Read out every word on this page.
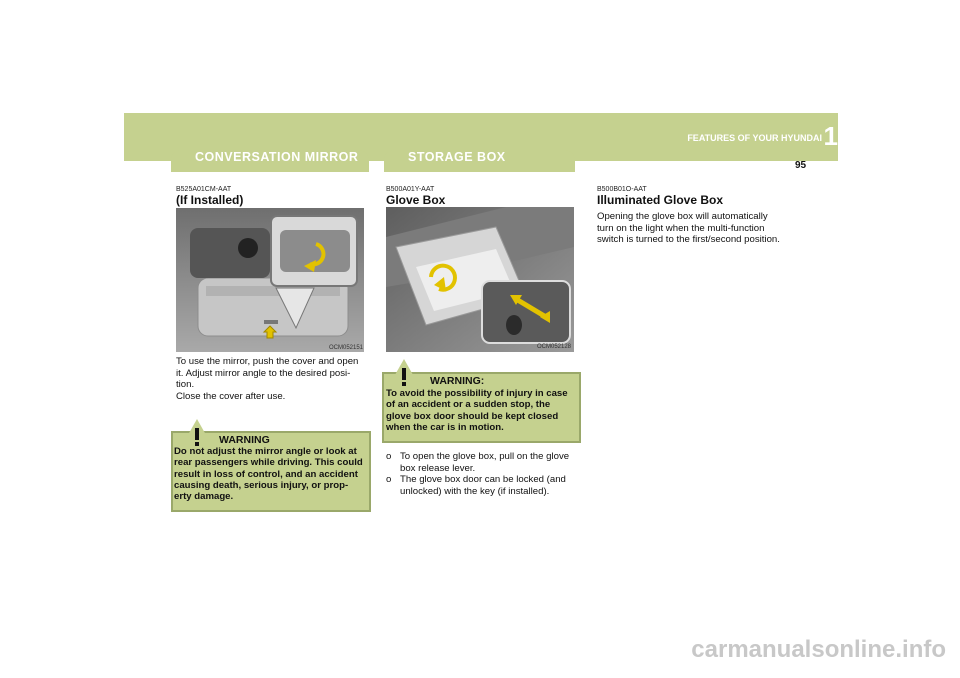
1
FEATURES OF YOUR HYUNDAI
95
CONVERSATION MIRROR	STORAGE BOX
B525A01CM-AAT
(If Installed)
OCM052151
To use the mirror, push the cover and open
it. Adjust mirror angle to the desired posi-
tion.
Close the cover after use.
WARNING
Do not adjust the mirror angle or look at
rear passengers while driving. This could
result in loss of control, and an accident
causing death, serious injury, or prop-
erty damage.
B500A01Y-AAT
Glove Box
OCM052128
WARNING:
To avoid the possibility of injury in case
of an accident or a sudden stop, the
glove box door should be kept closed
when the car is in motion.
o To open the glove box, pull on the glove
box release lever.
o The glove box door can be locked (and
unlocked) with the key (if installed).
B500B01O-AAT
Illuminated Glove Box
Opening the glove box will automatically
turn on the light when the multi-function
switch is turned to the first/second position.
carmanualsonline.info
